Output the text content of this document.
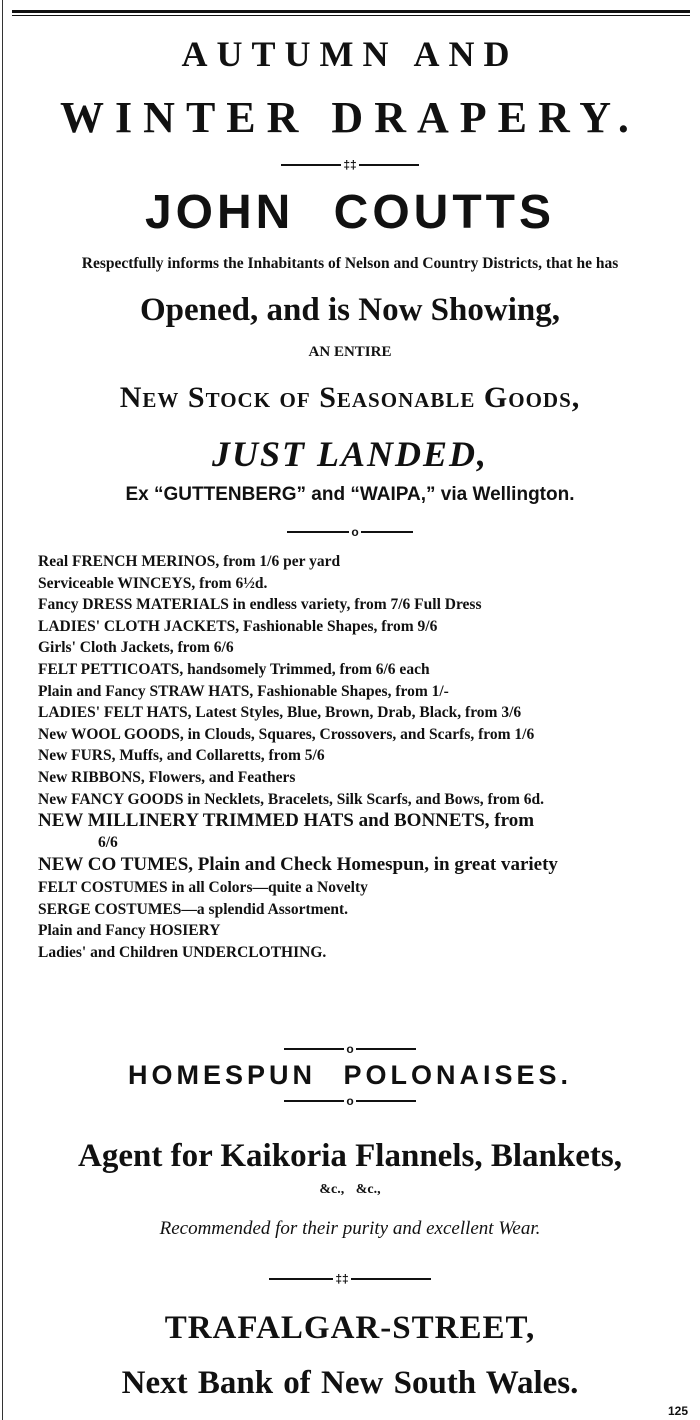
AUTUMN AND
WINTER DRAPERY.
‡‡
JOHN COUTTS
Respectfully informs the Inhabitants of Nelson and Country Districts, that he has
Opened, and is Now Showing,
AN ENTIRE
New Stock of Seasonable Goods,
JUST LANDED,
Ex “GUTTENBERG” and “WAIPA,” via Wellington.
o
Real FRENCH MERINOS, from 1/6 per yard
Serviceable WINCEYS, from 6½d.
Fancy DRESS MATERIALS in endless variety, from 7/6 Full Dress
LADIES' CLOTH JACKETS, Fashionable Shapes, from 9/6
Girls' Cloth Jackets, from 6/6
FELT PETTICOATS, handsomely Trimmed, from 6/6 each
Plain and Fancy STRAW HATS, Fashionable Shapes, from 1/-
LADIES' FELT HATS, Latest Styles, Blue, Brown, Drab, Black, from 3/6
New WOOL GOODS, in Clouds, Squares, Crossovers, and Scarfs, from 1/6
New FURS, Muffs, and Collaretts, from 5/6
New RIBBONS, Flowers, and Feathers
New FANCY GOODS in Necklets, Bracelets, Silk Scarfs, and Bows, from 6d.
NEW MILLINERY TRIMMED HATS and BONNETS, from
6/6
NEW CO TUMES, Plain and Check Homespun, in great variety
FELT COSTUMES in all Colors—quite a Novelty
SERGE COSTUMES—a splendid Assortment.
Plain and Fancy HOSIERY
Ladies' and Children UNDERCLOTHING.
o
HOMESPUN POLONAISES.
o
Agent for Kaikoria Flannels, Blankets,
&c., &c.,
Recommended for their purity and excellent Wear.
‡‡
TRAFALGAR-STREET,
Next Bank of New South Wales.
125
